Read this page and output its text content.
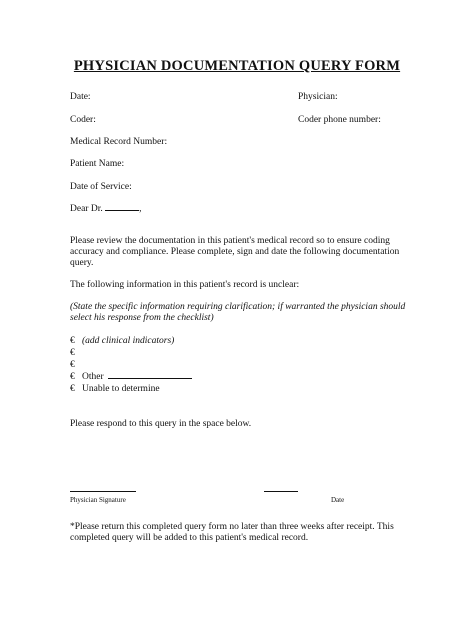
PHYSICIAN DOCUMENTATION QUERY FORM
Date:	Physician:
Coder:	Coder phone number:
Medical Record Number:
Patient Name:
Date of Service:
Dear Dr.	,
Please review the documentation in this patient's medical record so to ensure coding accuracy and compliance. Please complete, sign and date the following documentation query.
The following information in this patient's record is unclear:
(State the specific information requiring clarification; if warranted the physician should select his response from the checklist)
€ (add clinical indicators)
€
€
€ Other
€ Unable to determine
Please respond to this query in the space below.
Physician Signature	Date
*Please return this completed query form no later than three weeks after receipt. This completed query will be added to this patient's medical record.
